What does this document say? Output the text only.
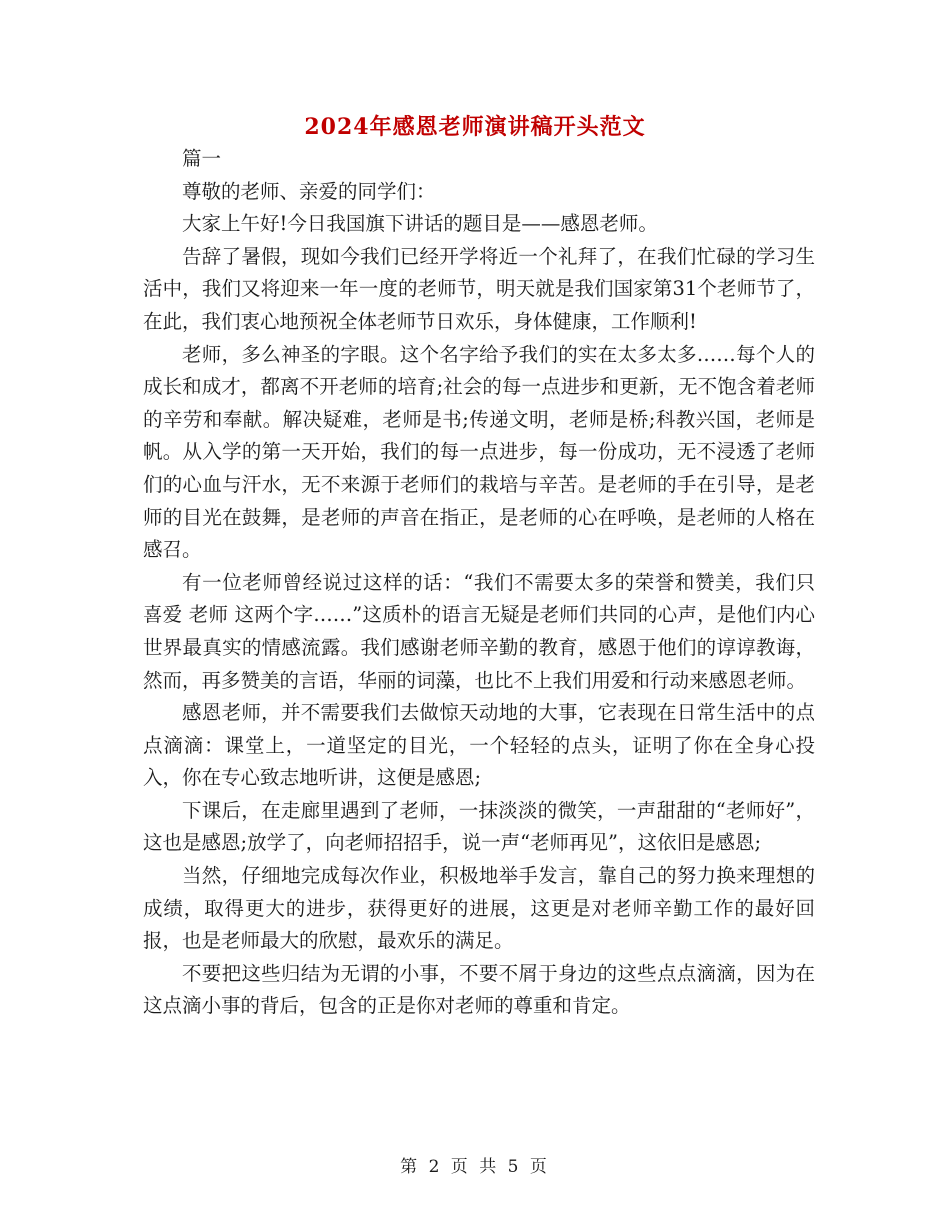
2024年感恩老师演讲稿开头范文

篇一

尊敬的老师、亲爱的同学们：

大家上午好!今日我国旗下讲话的题目是——感恩老师。

告辞了暑假，现如今我们已经开学将近一个礼拜了，在我们忙碌的学习生活中，我们又将迎来一年一度的老师节，明天就是我们国家第31个老师节了，在此，我们衷心地预祝全体老师节日欢乐，身体健康，工作顺利!

老师，多么神圣的字眼。这个名字给予我们的实在太多太多……每个人的成长和成才，都离不开老师的培育;社会的每一点进步和更新，无不饱含着老师的辛劳和奉献。解决疑难，老师是书;传递文明，老师是桥;科教兴国，老师是帆。从入学的第一天开始，我们的每一点进步，每一份成功，无不浸透了老师们的心血与汗水，无不来源于老师们的栽培与辛苦。是老师的手在引导，是老师的目光在鼓舞，是老师的声音在指正，是老师的心在呼唤，是老师的人格在感召。

有一位老师曾经说过这样的话：“我们不需要太多的荣誉和赞美，我们只喜爱 老师 这两个字……”这质朴的语言无疑是老师们共同的心声，是他们内心世界最真实的情感流露。我们感谢老师辛勤的教育，感恩于他们的谆谆教诲，然而，再多赞美的言语，华丽的词藻，也比不上我们用爱和行动来感恩老师。

感恩老师，并不需要我们去做惊天动地的大事，它表现在日常生活中的点点滴滴：课堂上，一道坚定的目光，一个轻轻的点头，证明了你在全身心投入，你在专心致志地听讲，这便是感恩;

下课后，在走廊里遇到了老师，一抹淡淡的微笑，一声甜甜的“老师好”，这也是感恩;放学了，向老师招招手，说一声“老师再见”，这依旧是感恩;

当然，仔细地完成每次作业，积极地举手发言，靠自己的努力换来理想的成绩，取得更大的进步，获得更好的进展，这更是对老师辛勤工作的最好回报，也是老师最大的欣慰，最欢乐的满足。

不要把这些归结为无谓的小事，不要不屑于身边的这些点点滴滴，因为在这点滴小事的背后，包含的正是你对老师的尊重和肯定。

第 2 页 共 5 页
